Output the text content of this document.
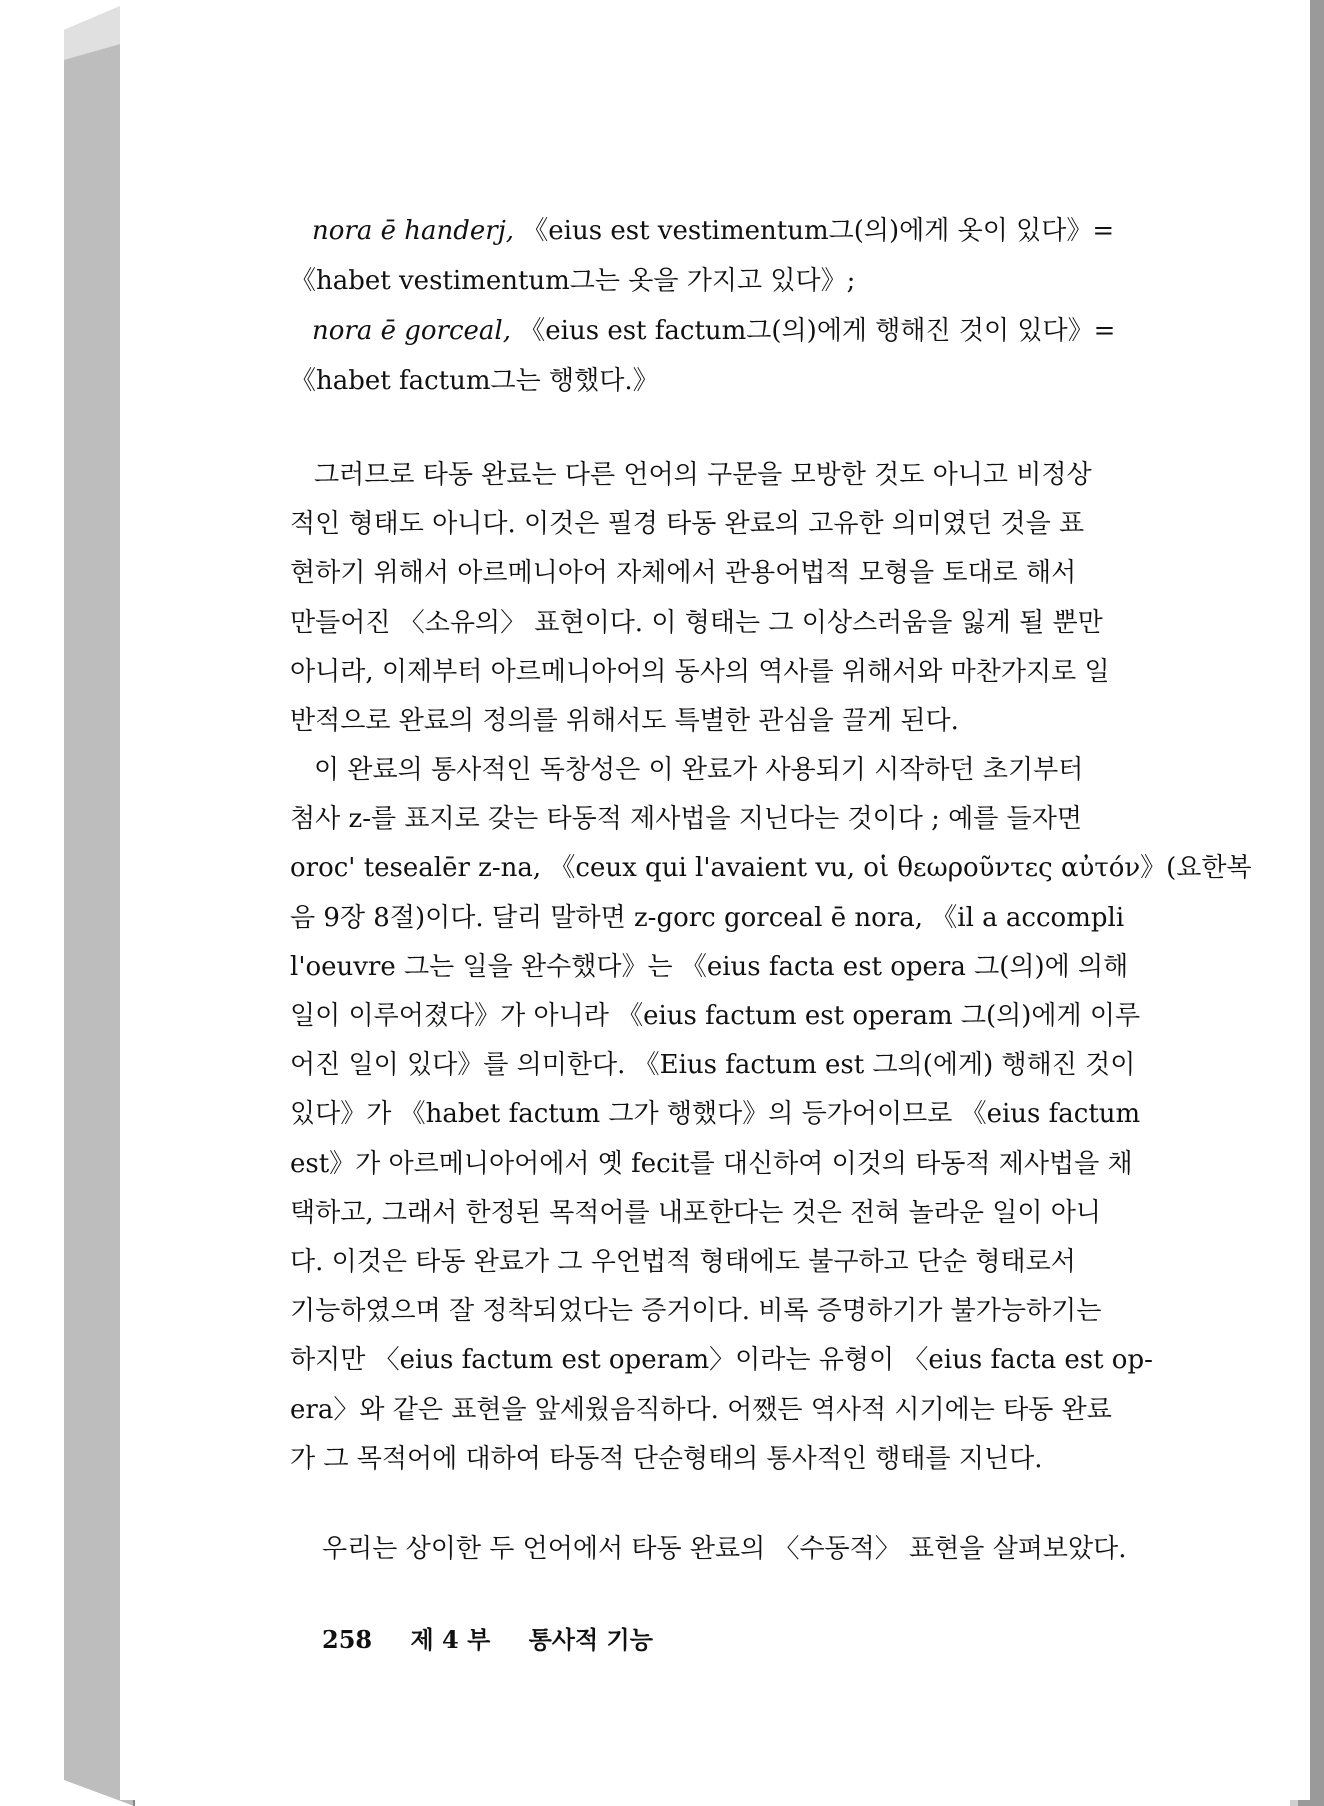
nora ē handerj, 《eius est vestimentum그(의)에게 옷이 있다》=
《habet vestimentum그는 옷을 가지고 있다》;
nora ē gorceal, 《eius est factum그(의)에게 행해진 것이 있다》=
《habet factum그는 행했다.》
그러므로 타동 완료는 다른 언어의 구문을 모방한 것도 아니고 비정상
적인 형태도 아니다. 이것은 필경 타동 완료의 고유한 의미였던 것을 표
현하기 위해서 아르메니아어 자체에서 관용어법적 모형을 토대로 해서
만들어진 〈소유의〉 표현이다. 이 형태는 그 이상스러움을 잃게 될 뿐만
아니라, 이제부터 아르메니아어의 동사의 역사를 위해서와 마찬가지로 일
반적으로 완료의 정의를 위해서도 특별한 관심을 끌게 된다.
이 완료의 통사적인 독창성은 이 완료가 사용되기 시작하던 초기부터
첨사 z-를 표지로 갖는 타동적 제사법을 지닌다는 것이다 ; 예를 들자면
oroc' tesealēr z-na, 《ceux qui l'avaient vu, οἱ θεωροῦντες αὐτόν》(요한복
음 9장 8절)이다. 달리 말하면 z-gorc gorceal ē nora, 《il a accompli
l'oeuvre 그는 일을 완수했다》는 《eius facta est opera 그(의)에 의해
일이 이루어졌다》가 아니라 《eius factum est operam 그(의)에게 이루
어진 일이 있다》를 의미한다. 《Eius factum est 그의(에게) 행해진 것이
있다》가 《habet factum 그가 행했다》의 등가어이므로 《eius factum
est》가 아르메니아어에서 옛 fecit를 대신하여 이것의 타동적 제사법을 채
택하고, 그래서 한정된 목적어를 내포한다는 것은 전혀 놀라운 일이 아니
다. 이것은 타동 완료가 그 우언법적 형태에도 불구하고 단순 형태로서
기능하였으며 잘 정착되었다는 증거이다. 비록 증명하기가 불가능하기는
하지만 〈eius factum est operam〉이라는 유형이 〈eius facta est op-
era〉와 같은 표현을 앞세웠음직하다. 어쨌든 역사적 시기에는 타동 완료
가 그 목적어에 대하여 타동적 단순형태의 통사적인 행태를 지닌다.
우리는 상이한 두 언어에서 타동 완료의 〈수동적〉 표현을 살펴보았다.
258 제 4 부 통사적 기능
